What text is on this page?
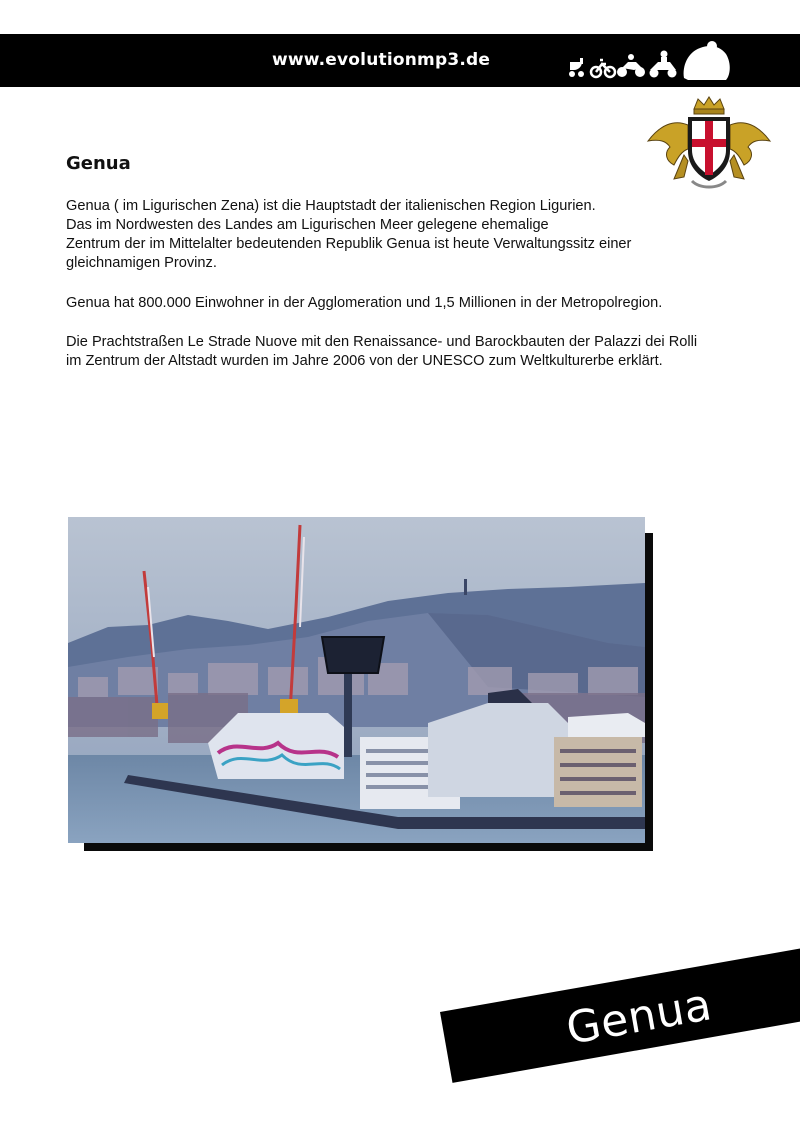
www.evolutionmp3.de
Genua

Genua ( im Ligurischen Zena) ist die Hauptstadt der italienischen Region Ligurien.
Das im Nordwesten des Landes am Ligurischen Meer gelegene ehemalige
Zentrum der im Mittelalter bedeutenden Republik Genua ist heute Verwaltungssitz einer
gleichnamigen Provinz.

Genua hat 800.000 Einwohner in der Agglomeration und 1,5 Millionen in der Metropolregion.

Die Prachtstraßen Le Strade Nuove mit den Renaissance- und Barockbauten der Palazzi dei Rolli
im Zentrum der Altstadt wurden im Jahre 2006 von der UNESCO zum Weltkulturerbe erklärt.

Genua
